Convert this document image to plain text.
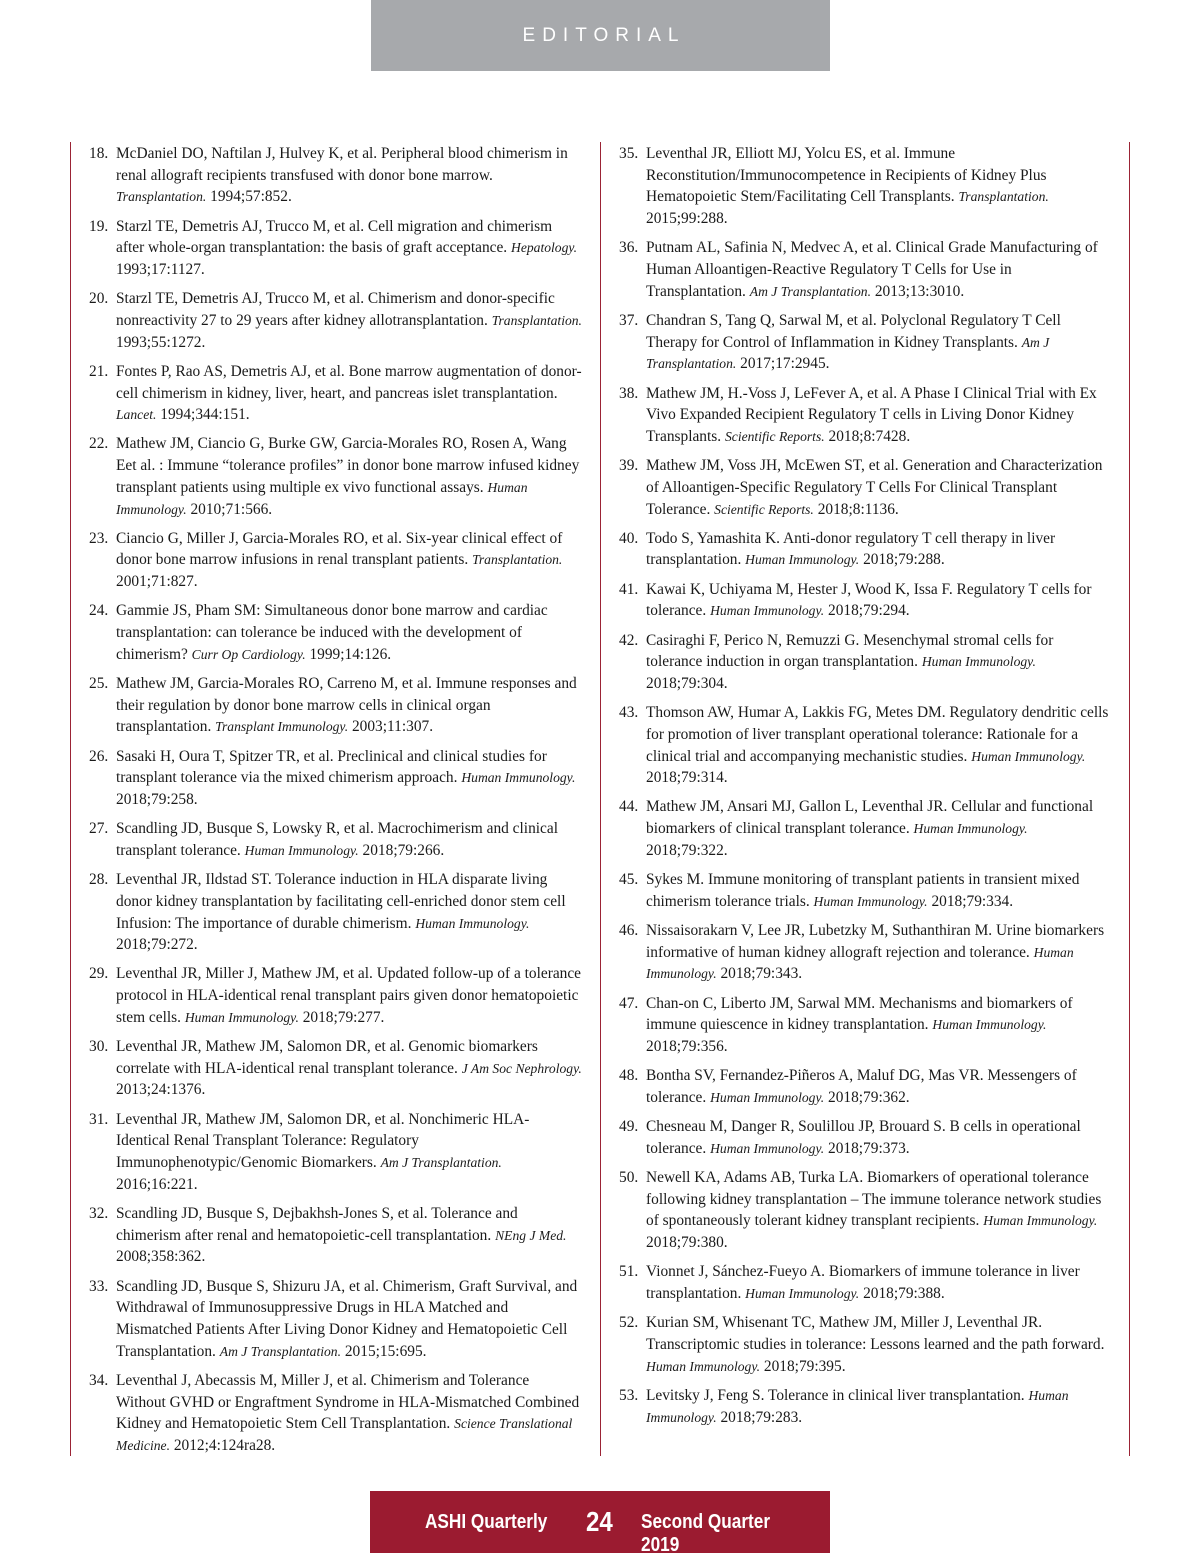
EDITORIAL
18. McDaniel DO, Naftilan J, Hulvey K, et al. Peripheral blood chimerism in renal allograft recipients transfused with donor bone marrow. Transplantation. 1994;57:852.
19. Starzl TE, Demetris AJ, Trucco M, et al. Cell migration and chimerism after whole-organ transplantation: the basis of graft acceptance. Hepatology. 1993;17:1127.
20. Starzl TE, Demetris AJ, Trucco M, et al. Chimerism and donor-specific nonreactivity 27 to 29 years after kidney allotransplantation. Transplantation. 1993;55:1272.
21. Fontes P, Rao AS, Demetris AJ, et al. Bone marrow augmentation of donor-cell chimerism in kidney, liver, heart, and pancreas islet transplantation. Lancet. 1994;344:151.
22. Mathew JM, Ciancio G, Burke GW, Garcia-Morales RO, Rosen A, Wang Eet al. : Immune “tolerance profiles” in donor bone marrow infused kidney transplant patients using multiple ex vivo functional assays. Human Immunology. 2010;71:566.
23. Ciancio G, Miller J, Garcia-Morales RO, et al. Six-year clinical effect of donor bone marrow infusions in renal transplant patients. Transplantation. 2001;71:827.
24. Gammie JS, Pham SM: Simultaneous donor bone marrow and cardiac transplantation: can tolerance be induced with the development of chimerism? Curr Op Cardiology. 1999;14:126.
25. Mathew JM, Garcia-Morales RO, Carreno M, et al. Immune responses and their regulation by donor bone marrow cells in clinical organ transplantation. Transplant Immunology. 2003;11:307.
26. Sasaki H, Oura T, Spitzer TR, et al. Preclinical and clinical studies for transplant tolerance via the mixed chimerism approach. Human Immunology. 2018;79:258.
27. Scandling JD, Busque S, Lowsky R, et al. Macrochimerism and clinical transplant tolerance. Human Immunology. 2018;79:266.
28. Leventhal JR, Ildstad ST. Tolerance induction in HLA disparate living donor kidney transplantation by facilitating cell-enriched donor stem cell Infusion: The importance of durable chimerism. Human Immunology. 2018;79:272.
29. Leventhal JR, Miller J, Mathew JM, et al. Updated follow-up of a tolerance protocol in HLA-identical renal transplant pairs given donor hematopoietic stem cells. Human Immunology. 2018;79:277.
30. Leventhal JR, Mathew JM, Salomon DR, et al. Genomic biomarkers correlate with HLA-identical renal transplant tolerance. J Am Soc Nephrology. 2013;24:1376.
31. Leventhal JR, Mathew JM, Salomon DR, et al. Nonchimeric HLA-Identical Renal Transplant Tolerance: Regulatory Immunophenotypic/Genomic Biomarkers. Am J Transplantation. 2016;16:221.
32. Scandling JD, Busque S, Dejbakhsh-Jones S, et al. Tolerance and chimerism after renal and hematopoietic-cell transplantation. NEng J Med. 2008;358:362.
33. Scandling JD, Busque S, Shizuru JA, et al. Chimerism, Graft Survival, and Withdrawal of Immunosuppressive Drugs in HLA Matched and Mismatched Patients After Living Donor Kidney and Hematopoietic Cell Transplantation. Am J Transplantation. 2015;15:695.
34. Leventhal J, Abecassis M, Miller J, et al. Chimerism and Tolerance Without GVHD or Engraftment Syndrome in HLA-Mismatched Combined Kidney and Hematopoietic Stem Cell Transplantation. Science Translational Medicine. 2012;4:124ra28.
35. Leventhal JR, Elliott MJ, Yolcu ES, et al. Immune Reconstitution/Immunocompetence in Recipients of Kidney Plus Hematopoietic Stem/Facilitating Cell Transplants. Transplantation. 2015;99:288.
36. Putnam AL, Safinia N, Medvec A, et al. Clinical Grade Manufacturing of Human Alloantigen-Reactive Regulatory T Cells for Use in Transplantation. Am J Transplantation. 2013;13:3010.
37. Chandran S, Tang Q, Sarwal M, et al. Polyclonal Regulatory T Cell Therapy for Control of Inflammation in Kidney Transplants. Am J Transplantation. 2017;17:2945.
38. Mathew JM, H.-Voss J, LeFever A, et al. A Phase I Clinical Trial with Ex Vivo Expanded Recipient Regulatory T cells in Living Donor Kidney Transplants. Scientific Reports. 2018;8:7428.
39. Mathew JM, Voss JH, McEwen ST, et al. Generation and Characterization of Alloantigen-Specific Regulatory T Cells For Clinical Transplant Tolerance. Scientific Reports. 2018;8:1136.
40. Todo S, Yamashita K. Anti-donor regulatory T cell therapy in liver transplantation. Human Immunology. 2018;79:288.
41. Kawai K, Uchiyama M, Hester J, Wood K, Issa F. Regulatory T cells for tolerance. Human Immunology. 2018;79:294.
42. Casiraghi F, Perico N, Remuzzi G. Mesenchymal stromal cells for tolerance induction in organ transplantation. Human Immunology. 2018;79:304.
43. Thomson AW, Humar A, Lakkis FG, Metes DM. Regulatory dendritic cells for promotion of liver transplant operational tolerance: Rationale for a clinical trial and accompanying mechanistic studies. Human Immunology. 2018;79:314.
44. Mathew JM, Ansari MJ, Gallon L, Leventhal JR. Cellular and functional biomarkers of clinical transplant tolerance. Human Immunology. 2018;79:322.
45. Sykes M. Immune monitoring of transplant patients in transient mixed chimerism tolerance trials. Human Immunology. 2018;79:334.
46. Nissaisorakarn V, Lee JR, Lubetzky M, Suthanthiran M. Urine biomarkers informative of human kidney allograft rejection and tolerance. Human Immunology. 2018;79:343.
47. Chan-on C, Liberto JM, Sarwal MM. Mechanisms and biomarkers of immune quiescence in kidney transplantation. Human Immunology. 2018;79:356.
48. Bontha SV, Fernandez-Piñeros A, Maluf DG, Mas VR. Messengers of tolerance. Human Immunology. 2018;79:362.
49. Chesneau M, Danger R, Soulillou JP, Brouard S. B cells in operational tolerance. Human Immunology. 2018;79:373.
50. Newell KA, Adams AB, Turka LA. Biomarkers of operational tolerance following kidney transplantation – The immune tolerance network studies of spontaneously tolerant kidney transplant recipients. Human Immunology. 2018;79:380.
51. Vionnet J, Sánchez-Fueyo A. Biomarkers of immune tolerance in liver transplantation. Human Immunology. 2018;79:388.
52. Kurian SM, Whisenant TC, Mathew JM, Miller J, Leventhal JR. Transcriptomic studies in tolerance: Lessons learned and the path forward. Human Immunology. 2018;79:395.
53. Levitsky J, Feng S. Tolerance in clinical liver transplantation. Human Immunology. 2018;79:283.
ASHI Quarterly 24 Second Quarter 2019
